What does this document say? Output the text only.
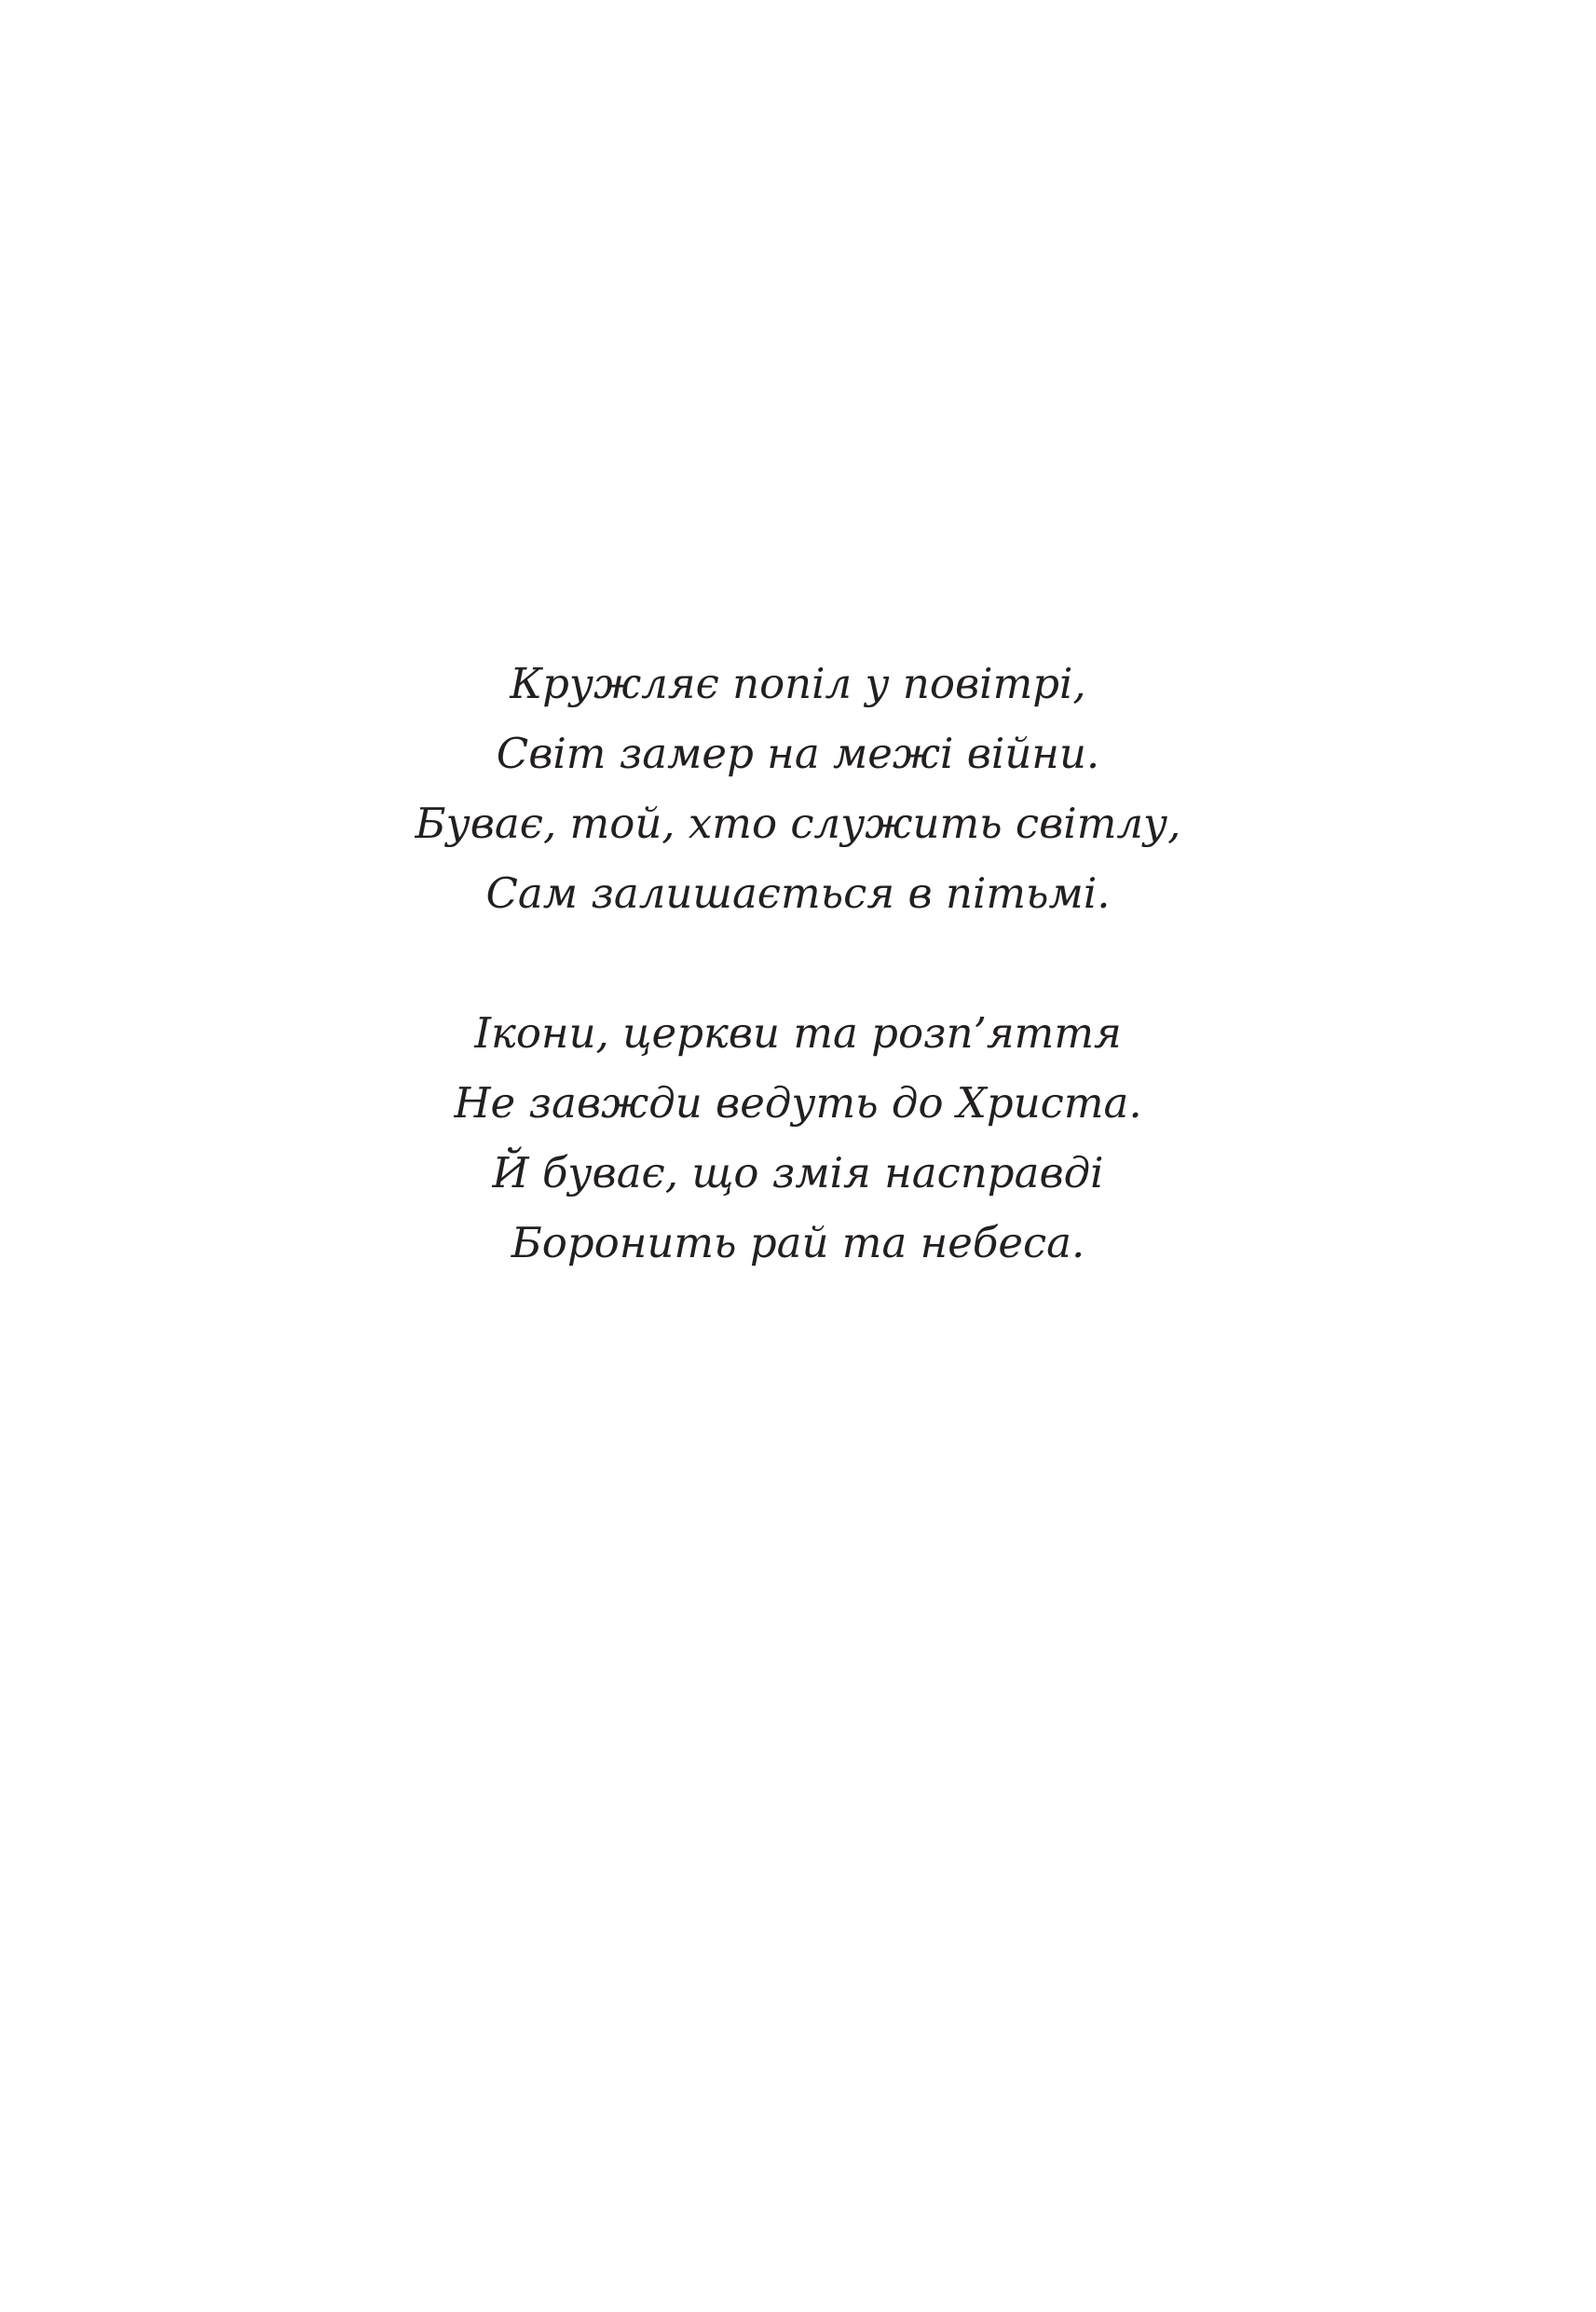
Кружляє попіл у повітрі,
Світ замер на межі війни.
Буває, той, хто служить світлу,
Сам залишається в пітьмі.
Ікони, церкви та розп’яття
Не завжди ведуть до Христа.
Й буває, що змія насправді
Боронить рай та небеса.
